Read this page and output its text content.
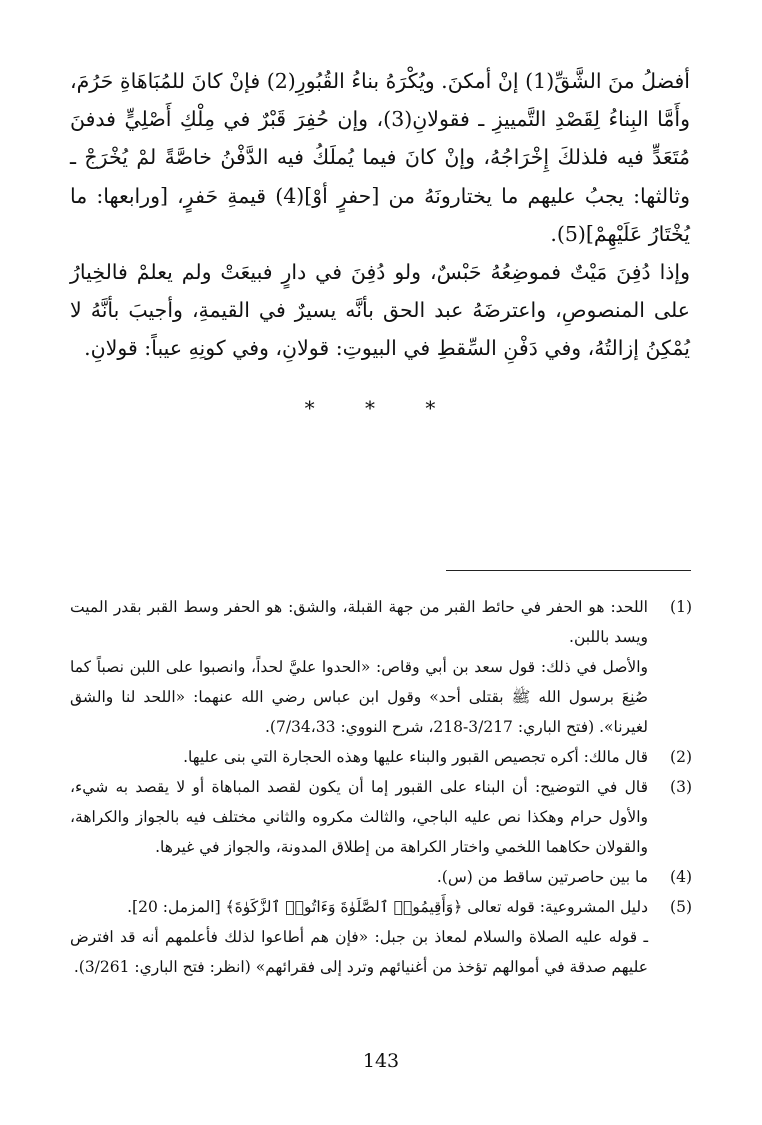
أفضلُ منَ الشَّقِّ(1) إنْ أمكنَ. ويُكْرَهُ بناءُ القُبُورِ(2) فإنْ كانَ للمُبَاهَاةِ حَرُمَ، وأَمَّا البِناءُ لِقَصْدِ التَّمييزِ ـ فقولانِ(3)، وإن حُفِرَ قَبْرٌ في مِلْكِ أَصْلِيٍّ فدفنَ مُتَعَدٍّ فيه فلذلكَ إِخْرَاجُهُ، وإنْ كانَ فيما يُملَكُ فيه الدَّفْنُ خاصَّةً لمْ يُخْرَجْ ـ وثالثها: يجبُ عليهم ما يختارونَهُ من [حفرٍ أوْ](4) قيمةِ حَفرٍ، [ورابعها: ما يُخْتَارُ عَلَيْهِمْ](5).

وإذا دُفِنَ مَيْتٌ فموضِعُهُ حَبْسٌ، ولو دُفِنَ في دارٍ فبيعَتْ ولم يعلمْ فالخِيارُ على المنصوصِ، واعترضَهُ عبد الحق بأنَّه يسيرٌ في القيمةِ، وأجيبَ بأنَّهُ لا يُمْكِنُ إزالتُهُ، وفي دَفْنِ السِّقطِ في البيوتِ: قولانِ، وفي كونِهِ عيباً: قولانِ.

* * *
(1)

اللحد: هو الحفر في حائط القبر من جهة القبلة، والشق: هو الحفر وسط القبر بقدر الميت ويسد باللبن.

والأصل في ذلك: قول سعد بن أبي وقاص: «الحدوا عليَّ لحداً، وانصبوا على اللبن نصباً كما صُنِعَ برسول الله ﷺ بقتلى أحد» وقول ابن عباس رضي الله عنهما: «اللحد لنا والشق لغيرنا». (فتح الباري: 3/217-218، شرح النووي: 7/34،33).

(2)

قال مالك: أكره تجصيص القبور والبناء عليها وهذه الحجارة التي بنى عليها.

(3)

قال في التوضيح: أن البناء على القبور إما أن يكون لقصد المباهاة أو لا يقصد به شيء، والأول حرام وهكذا نص عليه الباجي، والثالث مكروه والثاني مختلف فيه بالجواز والكراهة، والقولان حكاهما اللخمي واختار الكراهة من إطلاق المدونة، والجواز في غيرها.

(4)

ما بين حاصرتين ساقط من (س).

(5)

دليل المشروعية: قوله تعالى ﴿وَأَقِيمُوا۟ ٱلصَّلَوٰةَ وَءَاتُوا۟ ٱلزَّكَوٰةَ﴾ [المزمل: 20].

ـ قوله عليه الصلاة والسلام لمعاذ بن جبل: «فإن هم أطاعوا لذلك فأعلمهم أنه قد افترض عليهم صدقة في أموالهم تؤخذ من أغنيائهم وترد إلى فقرائهم» (انظر: فتح الباري: 3/261).

143
